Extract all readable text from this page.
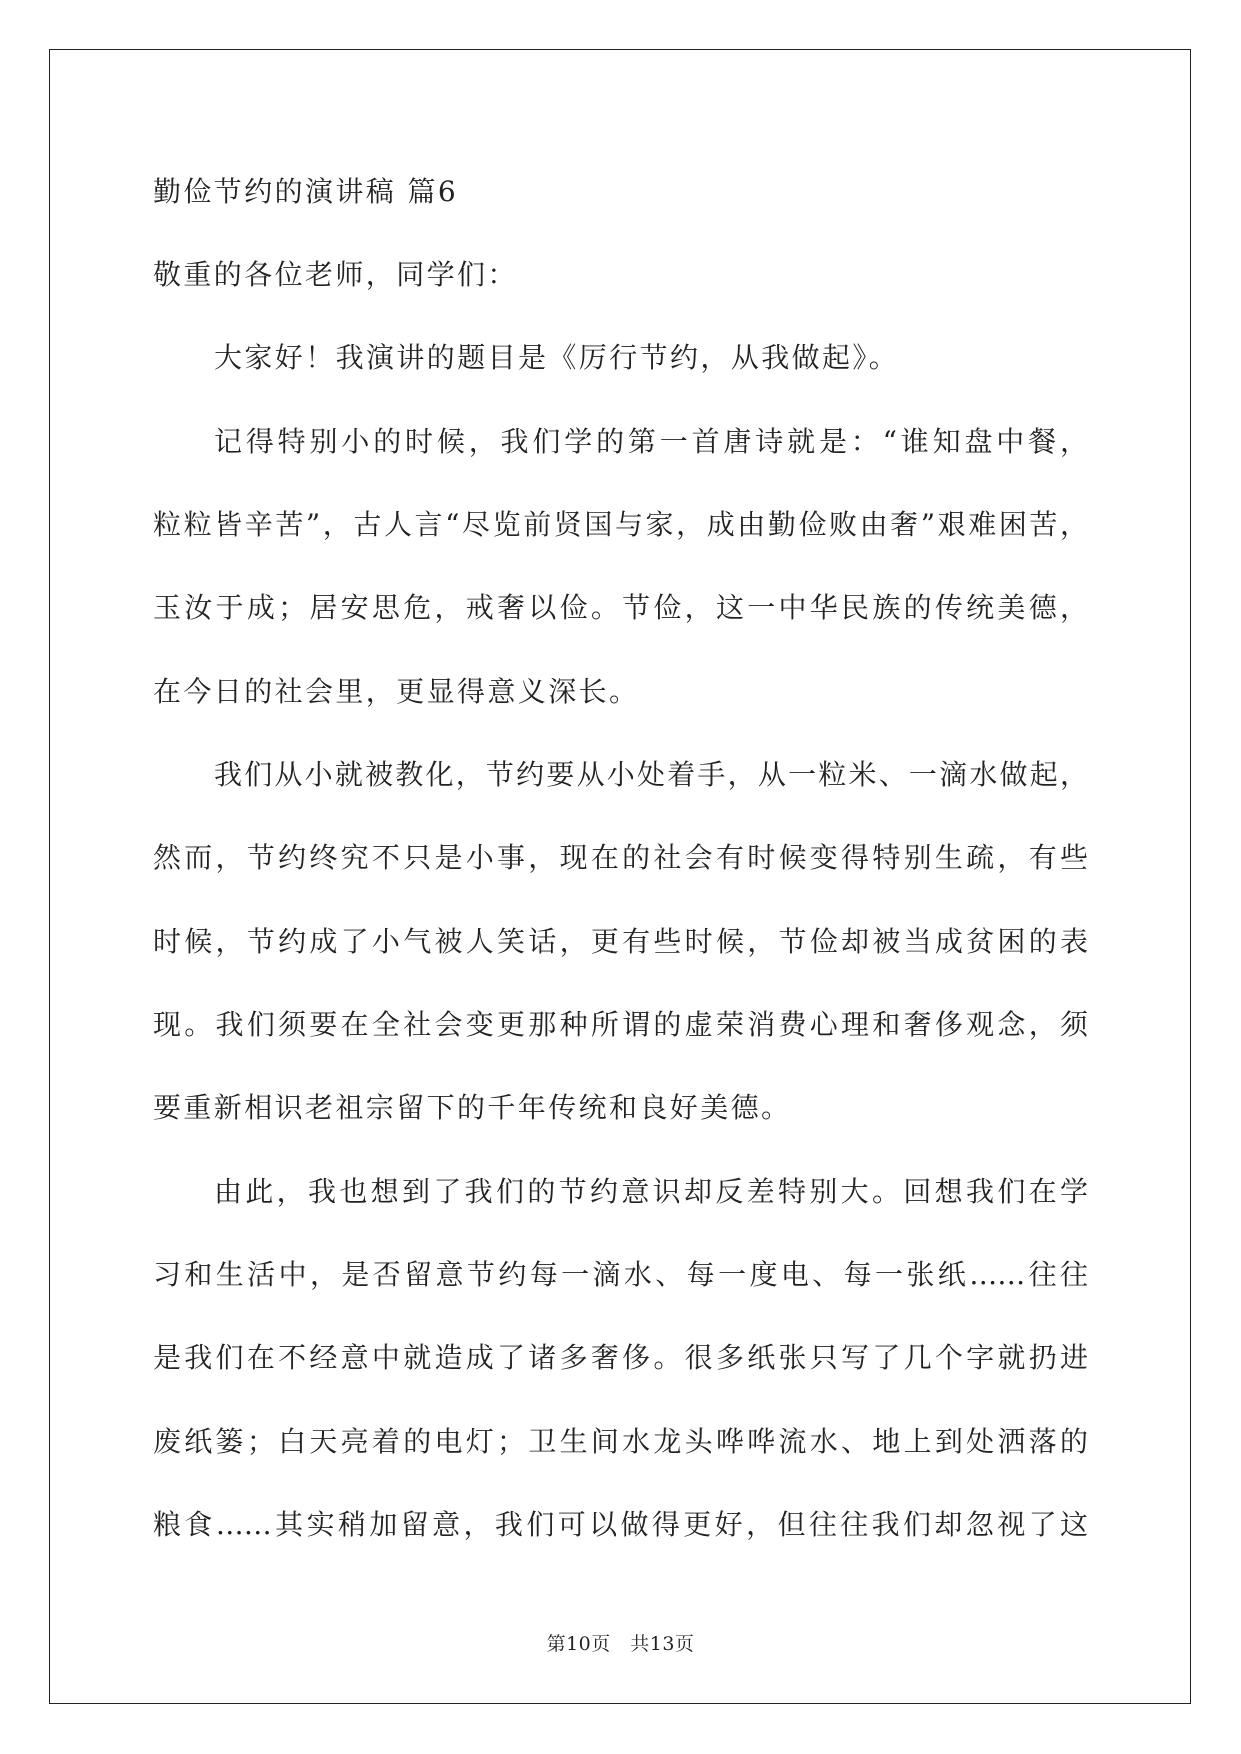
勤俭节约的演讲稿 篇6

敬重的各位老师，同学们：

大家好！我演讲的题目是《厉行节约，从我做起》。

记得特别小的时候，我们学的第一首唐诗就是：“谁知盘中餐，

粒粒皆辛苦”，古人言“尽览前贤国与家，成由勤俭败由奢”艰难困苦，

玉汝于成；居安思危，戒奢以俭。节俭，这一中华民族的传统美德，

在今日的社会里，更显得意义深长。

我们从小就被教化，节约要从小处着手，从一粒米、一滴水做起，

然而，节约终究不只是小事，现在的社会有时候变得特别生疏，有些

时候，节约成了小气被人笑话，更有些时候，节俭却被当成贫困的表

现。我们须要在全社会变更那种所谓的虚荣消费心理和奢侈观念，须

要重新相识老祖宗留下的千年传统和良好美德。

由此，我也想到了我们的节约意识却反差特别大。回想我们在学

习和生活中，是否留意节约每一滴水、每一度电、每一张纸……往往

是我们在不经意中就造成了诸多奢侈。很多纸张只写了几个字就扔进

废纸篓；白天亮着的电灯；卫生间水龙头哗哗流水、地上到处洒落的

粮食……其实稍加留意，我们可以做得更好，但往往我们却忽视了这

第10页　共13页
